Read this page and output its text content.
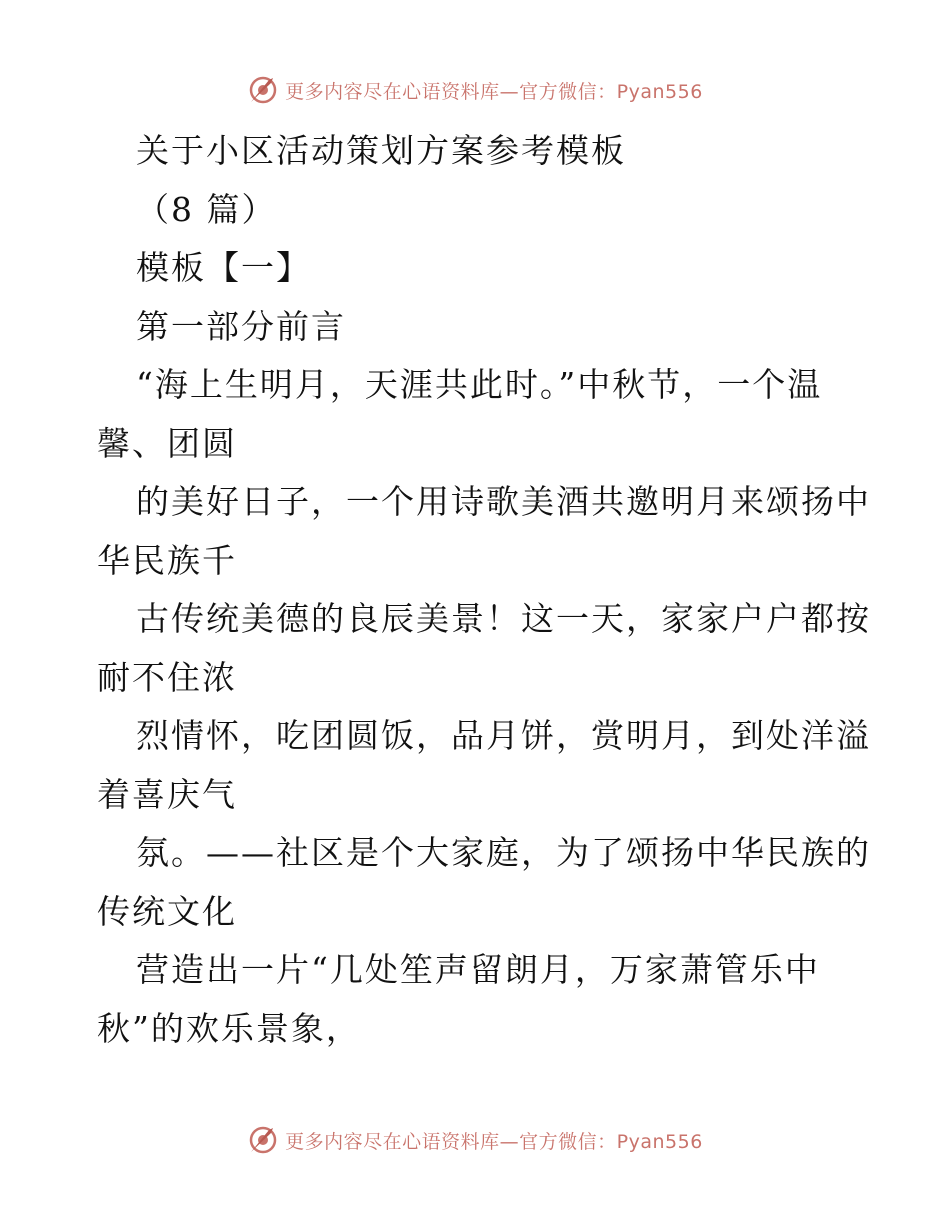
更多内容尽在心语资料库—官方微信：Pyan556
关于小区活动策划方案参考模板
（8 篇）
模板【一】
第一部分前言
“海上生明月，天涯共此时。”中秋节，一个温
馨、团圆
的美好日子，一个用诗歌美酒共邀明月来颂扬中
华民族千
古传统美德的良辰美景！这一天，家家户户都按
耐不住浓
烈情怀，吃团圆饭，品月饼，赏明月，到处洋溢
着喜庆气
氛。——社区是个大家庭，为了颂扬中华民族的
传统文化
营造出一片“几处笙声留朗月，万家萧管乐中
秋”的欢乐景象，
更多内容尽在心语资料库—官方微信：Pyan556
